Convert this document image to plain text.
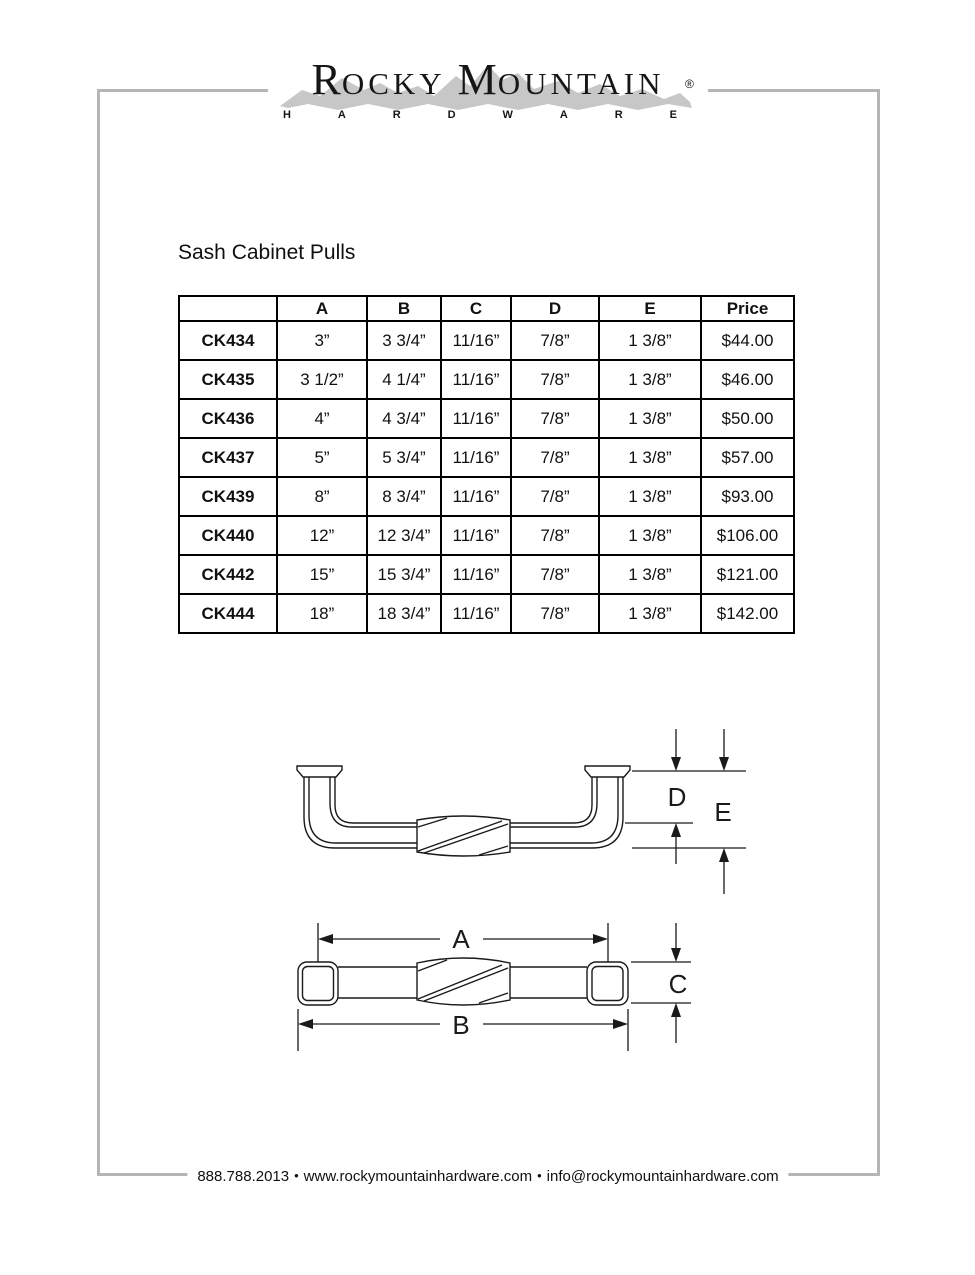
R OCKY M OUNTAIN ®
H	A	R	D	W	A	R	E
Sash Cabinet Pulls
	A	B	C	D	E	Price
CK434	3”	3 3/4”	11/16”	7/8”	1 3/8”	$44.00
CK435	3 1/2”	4 1/4”	11/16”	7/8”	1 3/8”	$46.00
CK436	4”	4 3/4”	11/16”	7/8”	1 3/8”	$50.00
CK437	5”	5 3/4”	11/16”	7/8”	1 3/8”	$57.00
CK439	8”	8 3/4”	11/16”	7/8”	1 3/8”	$93.00
CK440	12”	12 3/4”	11/16”	7/8”	1 3/8”	$106.00
CK442	15”	15 3/4”	11/16”	7/8”	1 3/8”	$121.00
CK444	18”	18 3/4”	11/16”	7/8”	1 3/8”	$142.00
D E
A
B
C
888.788.2013 • www.rockymountainhardware.com • info@rockymountainhardware.com
